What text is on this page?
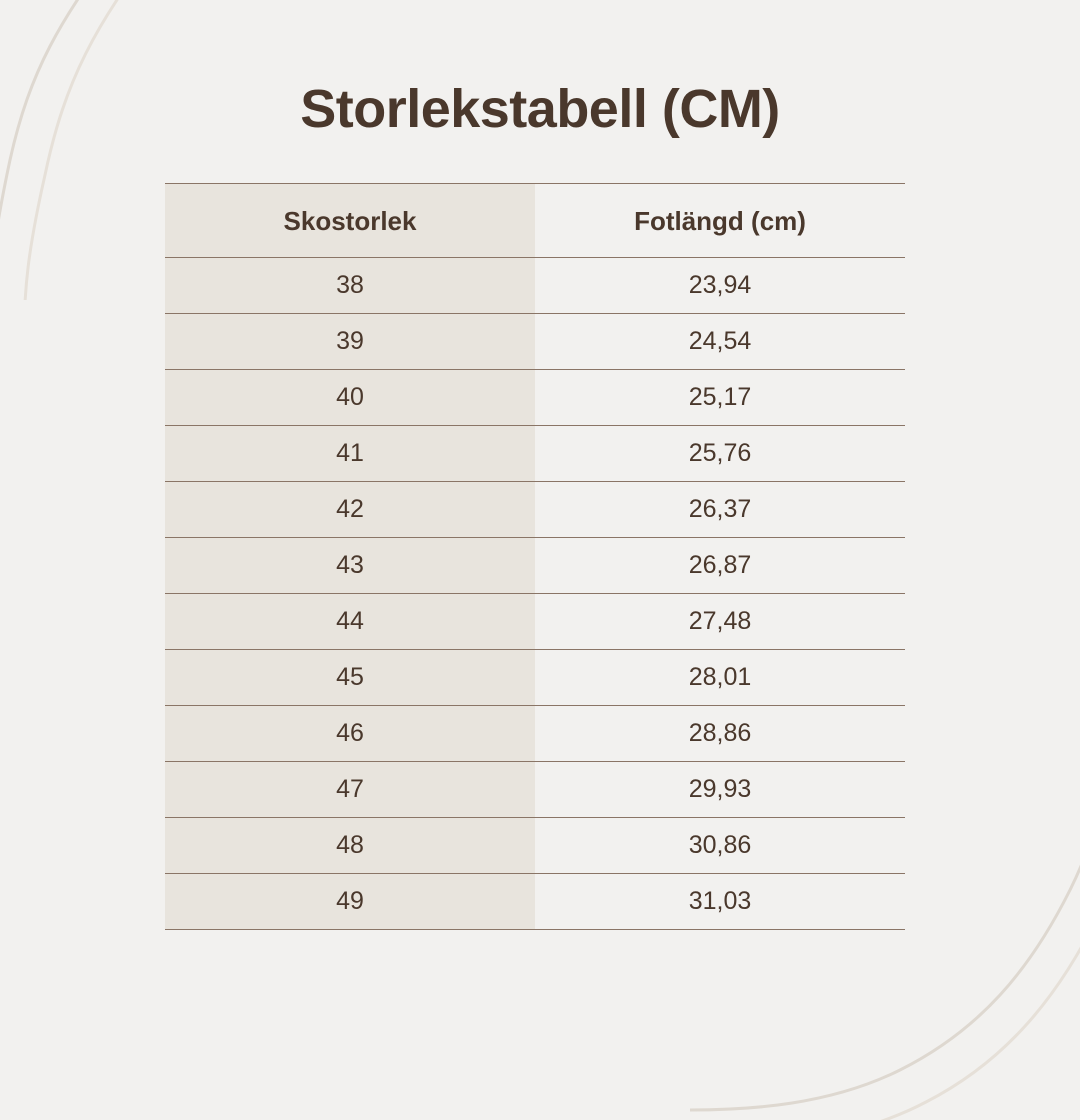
Storlekstabell (CM)
Skostorlek	Fotlängd (cm)
38	23,94
39	24,54
40	25,17
41	25,76
42	26,37
43	26,87
44	27,48
45	28,01
46	28,86
47	29,93
48	30,86
49	31,03
